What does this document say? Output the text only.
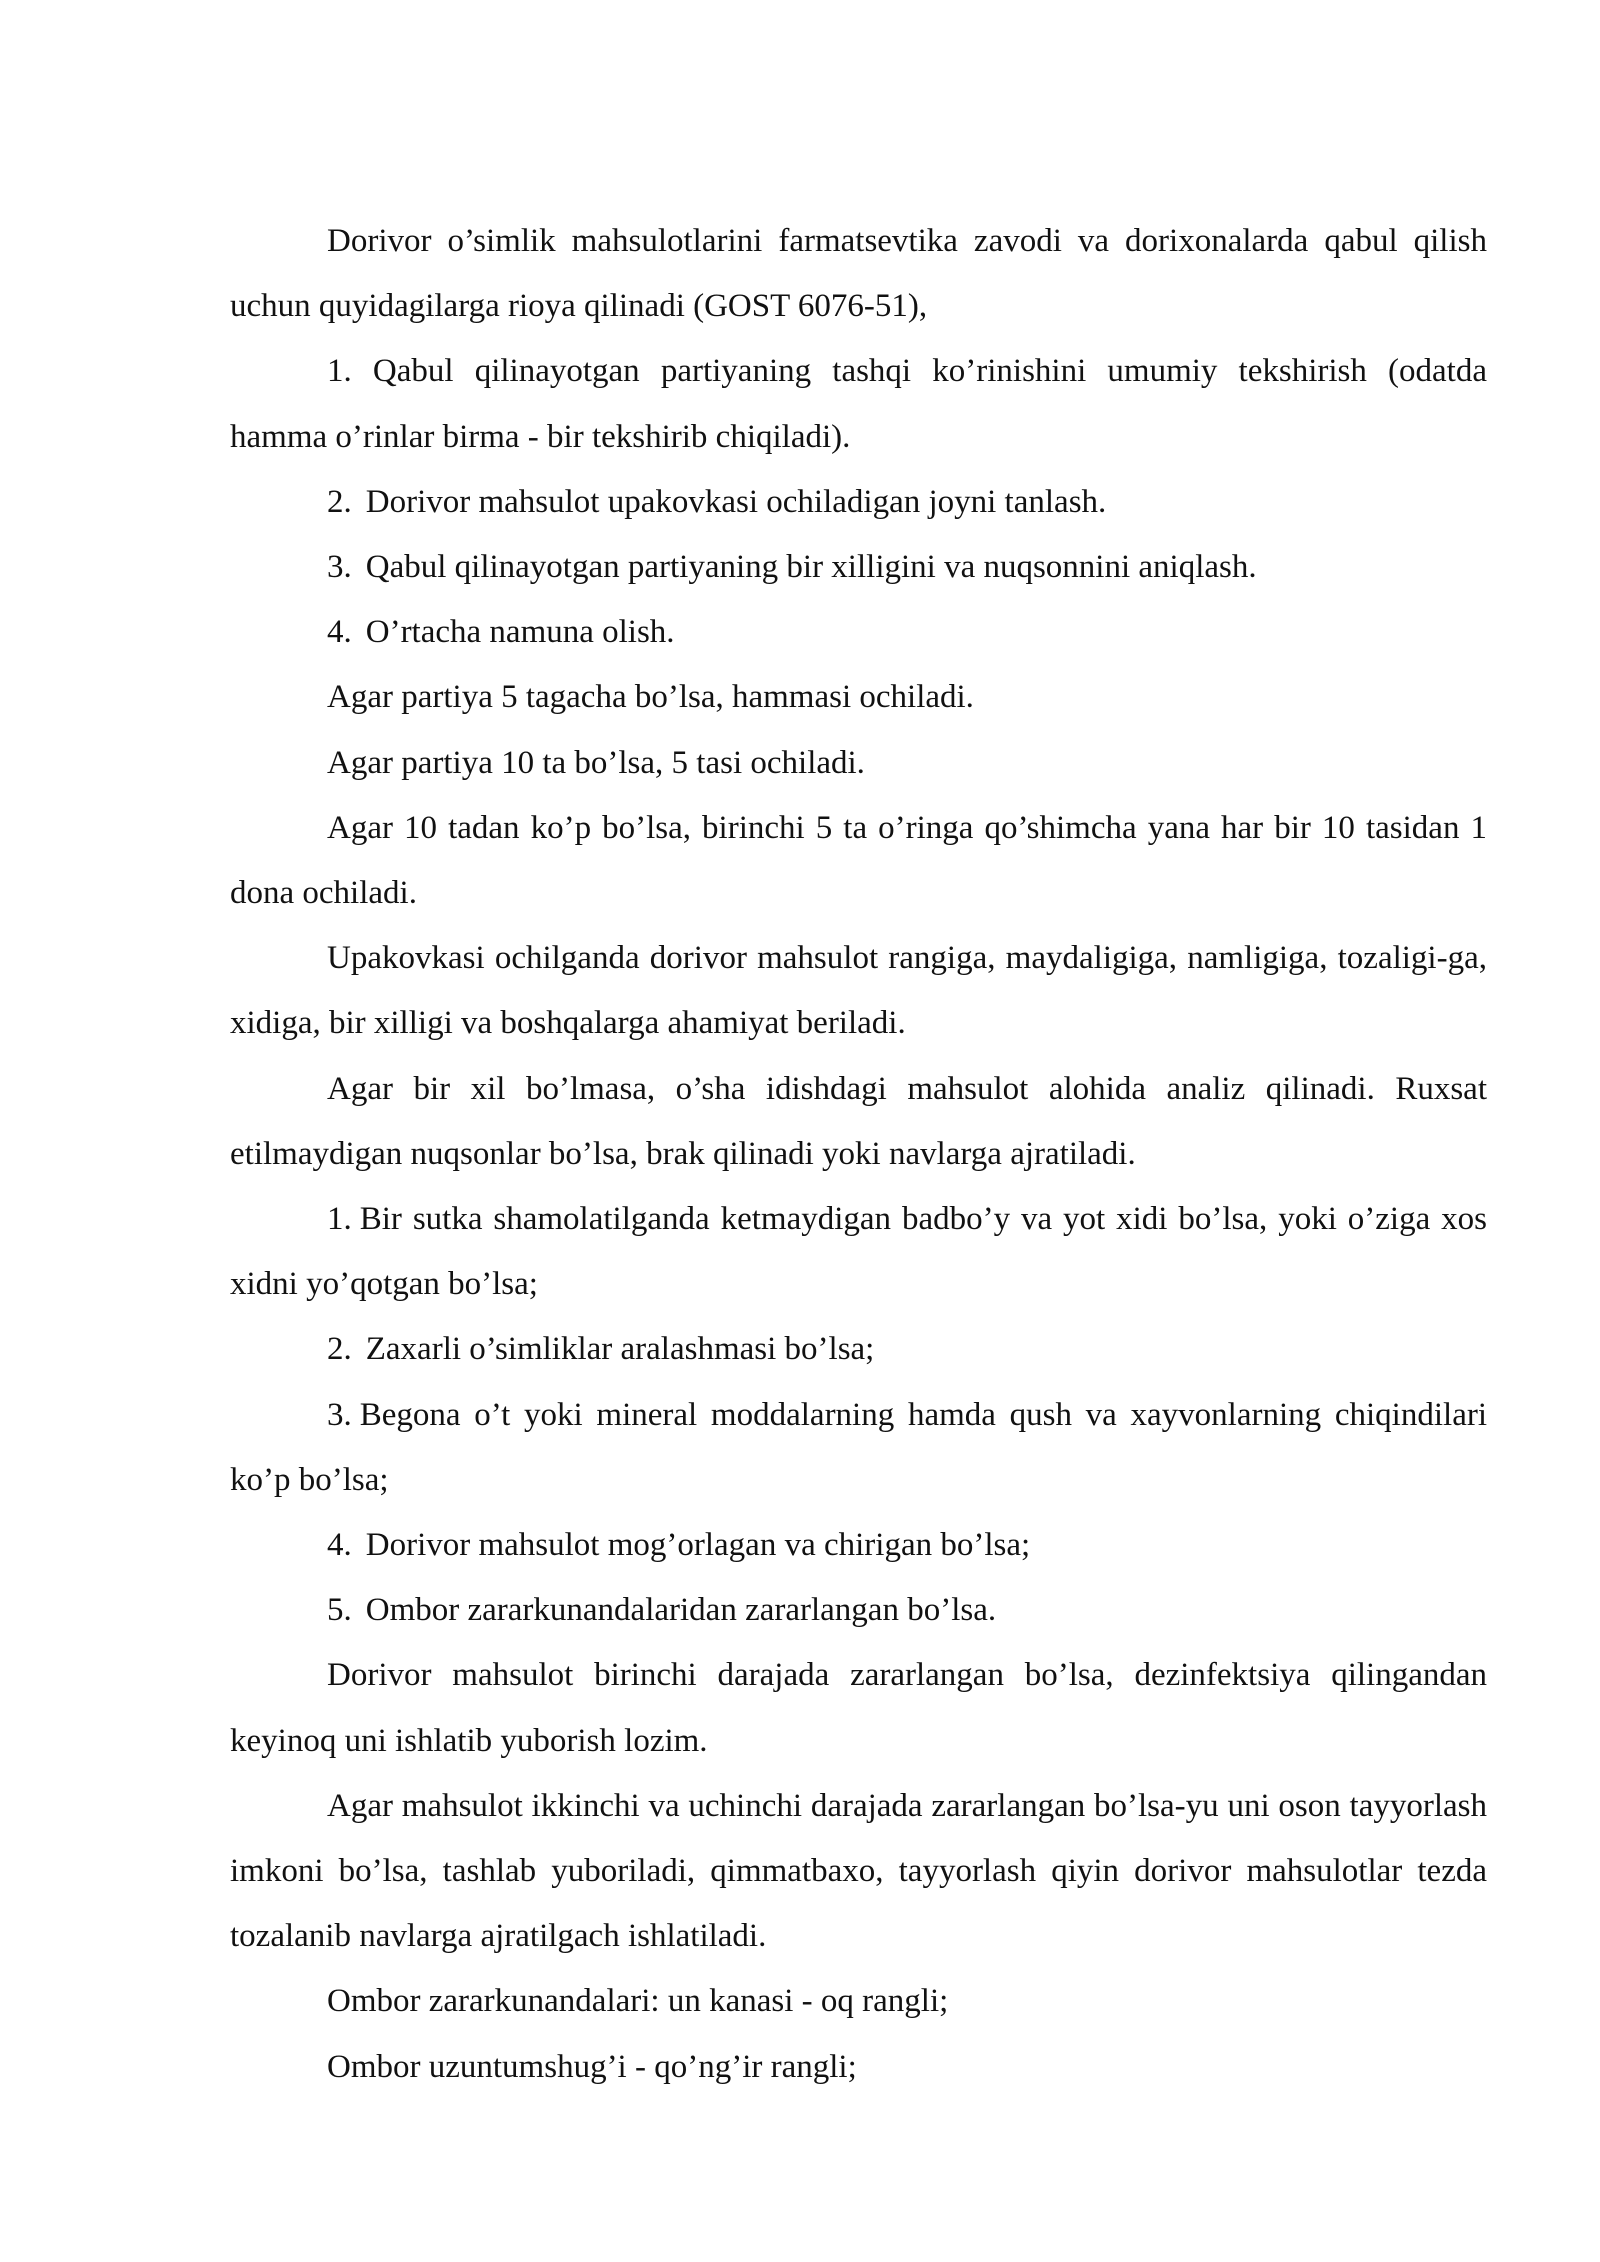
Dorivor o’simlik mahsulotlarini farmatsevtika zavodi va dorixonalarda qabul qilish uchun quyidagilarga rioya qilinadi (GOST 6076-51),

1. Qabul qilinayotgan partiyaning tashqi ko’rinishini umumiy tekshirish (odatda hamma o’rinlar birma - bir tekshirib chiqiladi).

2. Dorivor mahsulot upakovkasi ochiladigan joyni tanlash.
3. Qabul qilinayotgan partiyaning bir xilligini va nuqsonnini aniqlash.
4. O’rtacha namuna olish.

Agar partiya 5 tagacha bo’lsa, hammasi ochiladi.

Agar partiya 10 ta bo’lsa, 5 tasi ochiladi.

Agar 10 tadan ko’p bo’lsa, birinchi 5 ta o’ringa qo’shimcha yana har bir 10 tasidan 1 dona ochiladi.

Upakovkasi ochilganda dorivor mahsulot rangiga, maydaligiga, namligiga, tozaligi-ga, xidiga, bir xilligi va boshqalarga ahamiyat beriladi.

Agar bir xil bo’lmasa, o’sha idishdagi mahsulot alohida analiz qilinadi. Ruxsat etilmaydigan nuqsonlar bo’lsa, brak qilinadi yoki navlarga ajratiladi.

1. Bir sutka shamolatilganda ketmaydigan badbo’y va yot xidi bo’lsa, yoki o’ziga xos xidni yo’qotgan bo’lsa;

2. Zaxarli o’simliklar aralashmasi bo’lsa;

3. Begona o’t yoki mineral moddalarning hamda qush va xayvonlarning chiqindilari ko’p bo’lsa;

4. Dorivor mahsulot mog’orlagan va chirigan bo’lsa;
5. Ombor zararkunandalaridan zararlangan bo’lsa.

Dorivor mahsulot birinchi darajada zararlangan bo’lsa, dezinfektsiya qilingandan keyinoq uni ishlatib yuborish lozim.

Agar mahsulot ikkinchi va uchinchi darajada zararlangan bo’lsa-yu uni oson tayyorlash imkoni bo’lsa, tashlab yuboriladi, qimmatbaxo, tayyorlash qiyin dorivor mahsulotlar tezda tozalanib navlarga ajratilgach ishlatiladi.

Ombor zararkunandalari: un kanasi - oq rangli;

Ombor uzuntumshug’i - qo’ng’ir rangli;
